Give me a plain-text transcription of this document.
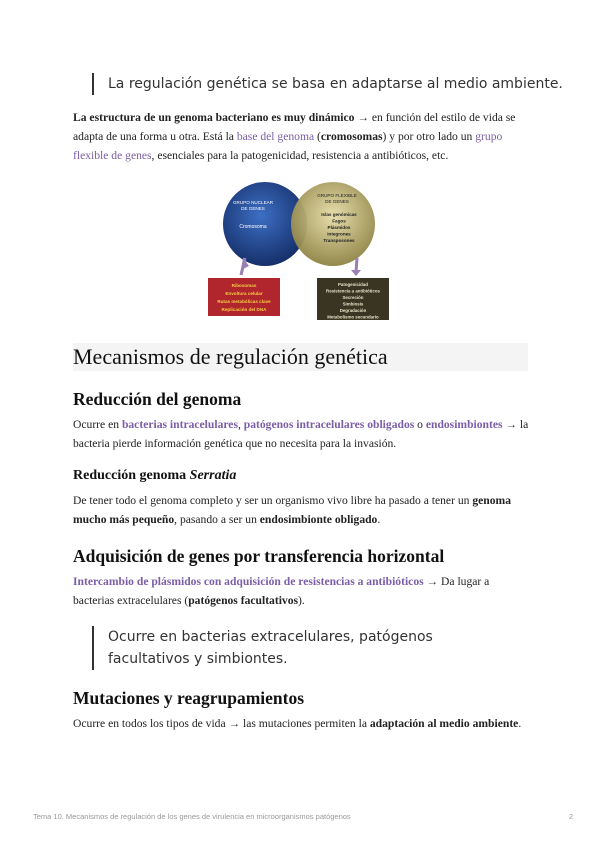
La regulación genética se basa en adaptarse al medio ambiente.
La estructura de un genoma bacteriano es muy dinámico → en función del estilo de vida se adapta de una forma u otra. Está la base del genoma (cromosomas) y por otro lado un grupo flexible de genes, esenciales para la patogenicidad, resistencia a antibióticos, etc.
GRUPO NUCLEAR DE GENES
Cromosoma
GRUPO FLEXIBLE DE GENES
Islas genómicas
Fagos
Plásmidos
Integrones
Transposones
Ribosomas
Envoltura celular
Rutas metabólicas clave
Replicación del DNA
Patogenicidad
Resistencia a antibióticos
Secreción
Simbiosis
Degradación
Metabolismo secundario
Mecanismos de regulación genética
Reducción del genoma
Ocurre en bacterias intracelulares, patógenos intracelulares obligados o endosimbiontes → la bacteria pierde información genética que no necesita para la invasión.
Reducción genoma Serratia
De tener todo el genoma completo y ser un organismo vivo libre ha pasado a tener un genoma mucho más pequeño, pasando a ser un endosimbionte obligado.
Adquisición de genes por transferencia horizontal
Intercambio de plásmidos con adquisición de resistencias a antibióticos → Da lugar a bacterias extracelulares (patógenos facultativos).
Ocurre en bacterias extracelulares, patógenos facultativos y simbiontes.
Mutaciones y reagrupamientos
Ocurre en todos los tipos de vida → las mutaciones permiten la adaptación al medio ambiente.
Tema 10. Mecanismos de regulación de los genes de virulencia en microorganismos patógenos	2
